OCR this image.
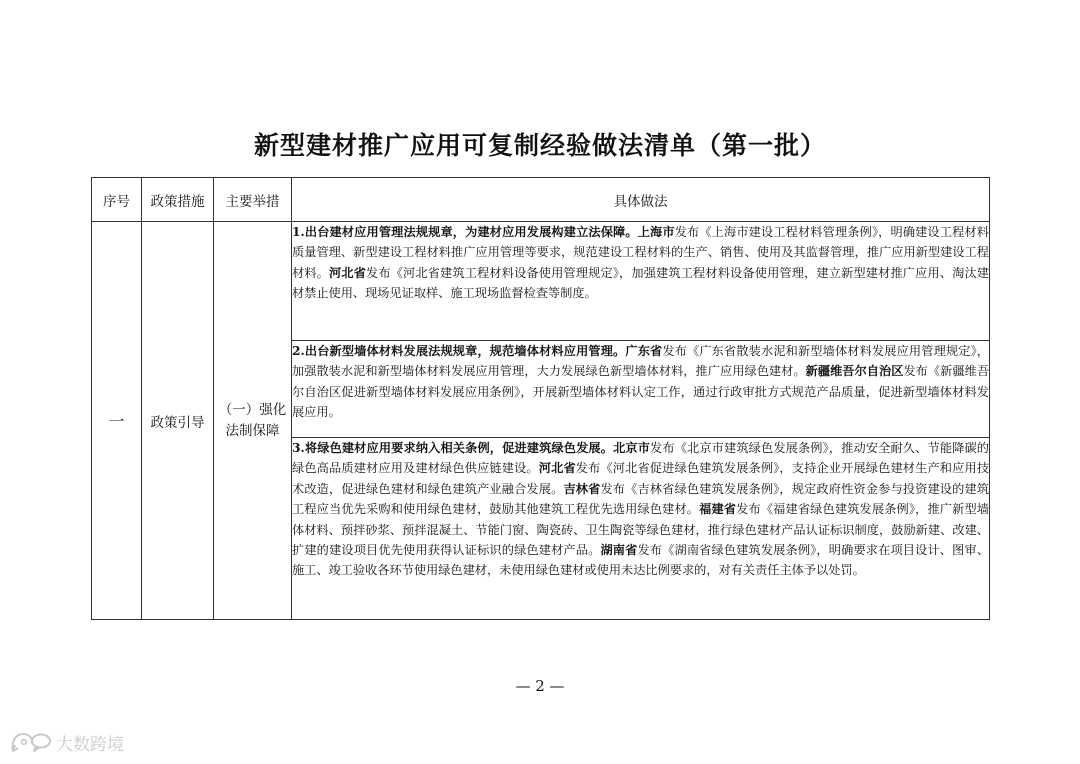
新型建材推广应用可复制经验做法清单（第一批）
序号	政策措施	主要举措	具体做法
一	政策引导	（一）强化法制保障	1.出台建材应用管理法规规章，为建材应用发展构建立法保障。上海市发布《上海市建设工程材料管理条例》，明确建设工程材料质量管理、新型建设工程材料推广应用管理等要求，规范建设工程材料的生产、销售、使用及其监督管理，推广应用新型建设工程材料。河北省发布《河北省建筑工程材料设备使用管理规定》，加强建筑工程材料设备使用管理，建立新型建材推广应用、淘汰建材禁止使用、现场见证取样、施工现场监督检查等制度。
			2.出台新型墙体材料发展法规规章，规范墙体材料应用管理。广东省发布《广东省散装水泥和新型墙体材料发展应用管理规定》，加强散装水泥和新型墙体材料发展应用管理，大力发展绿色新型墙体材料，推广应用绿色建材。新疆维吾尔自治区发布《新疆维吾尔自治区促进新型墙体材料发展应用条例》，开展新型墙体材料认定工作，通过行政审批方式规范产品质量，促进新型墙体材料发展应用。
			3.将绿色建材应用要求纳入相关条例，促进建筑绿色发展。北京市发布《北京市建筑绿色发展条例》，推动安全耐久、节能降碳的绿色高品质建材应用及建材绿色供应链建设。河北省发布《河北省促进绿色建筑发展条例》，支持企业开展绿色建材生产和应用技术改造，促进绿色建材和绿色建筑产业融合发展。吉林省发布《吉林省绿色建筑发展条例》，规定政府性资金参与投资建设的建筑工程应当优先采购和使用绿色建材，鼓励其他建筑工程优先选用绿色建材。福建省发布《福建省绿色建筑发展条例》，推广新型墙体材料、预拌砂浆、预拌混凝土、节能门窗、陶瓷砖、卫生陶瓷等绿色建材，推行绿色建材产品认证标识制度，鼓励新建、改建、扩建的建设项目优先使用获得认证标识的绿色建材产品。湖南省发布《湖南省绿色建筑发展条例》，明确要求在项目设计、图审、施工、竣工验收各环节使用绿色建材，未使用绿色建材或使用未达比例要求的，对有关责任主体予以处罚。
— 2 —
大数跨境
